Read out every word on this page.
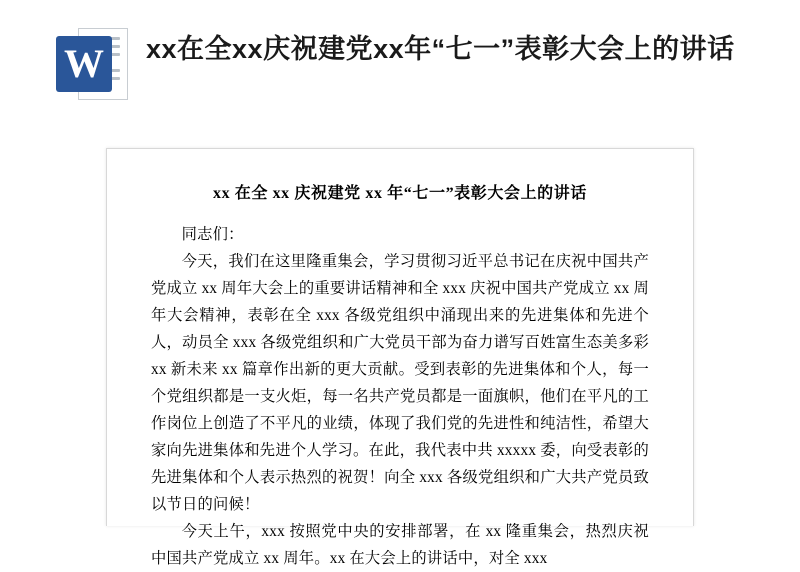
W xx在全xx庆祝建党xx年“七一”表彰大会上的讲话
xx 在全 xx 庆祝建党 xx 年“七一”表彰大会上的讲话

同志们：

今天，我们在这里隆重集会，学习贯彻习近平总书记在庆祝中国共产党成立 xx 周年大会上的重要讲话精神和全 xxx 庆祝中国共产党成立 xx 周年大会精神，表彰在全 xxx 各级党组织中涌现出来的先进集体和先进个人，动员全 xxx 各级党组织和广大党员干部为奋力谱写百姓富生态美多彩 xx 新未来 xx 篇章作出新的更大贡献。受到表彰的先进集体和个人，每一个党组织都是一支火炬，每一名共产党员都是一面旗帜，他们在平凡的工作岗位上创造了不平凡的业绩，体现了我们党的先进性和纯洁性，希望大家向先进集体和先进个人学习。在此，我代表中共 xxxxx 委，向受表彰的先进集体和个人表示热烈的祝贺！向全 xxx 各级党组织和广大共产党员致以节日的问候！

今天上午，xxx 按照党中央的安排部署，在 xx 隆重集会，热烈庆祝中国共产党成立 xx 周年。xx 在大会上的讲话中，对全 xxx
